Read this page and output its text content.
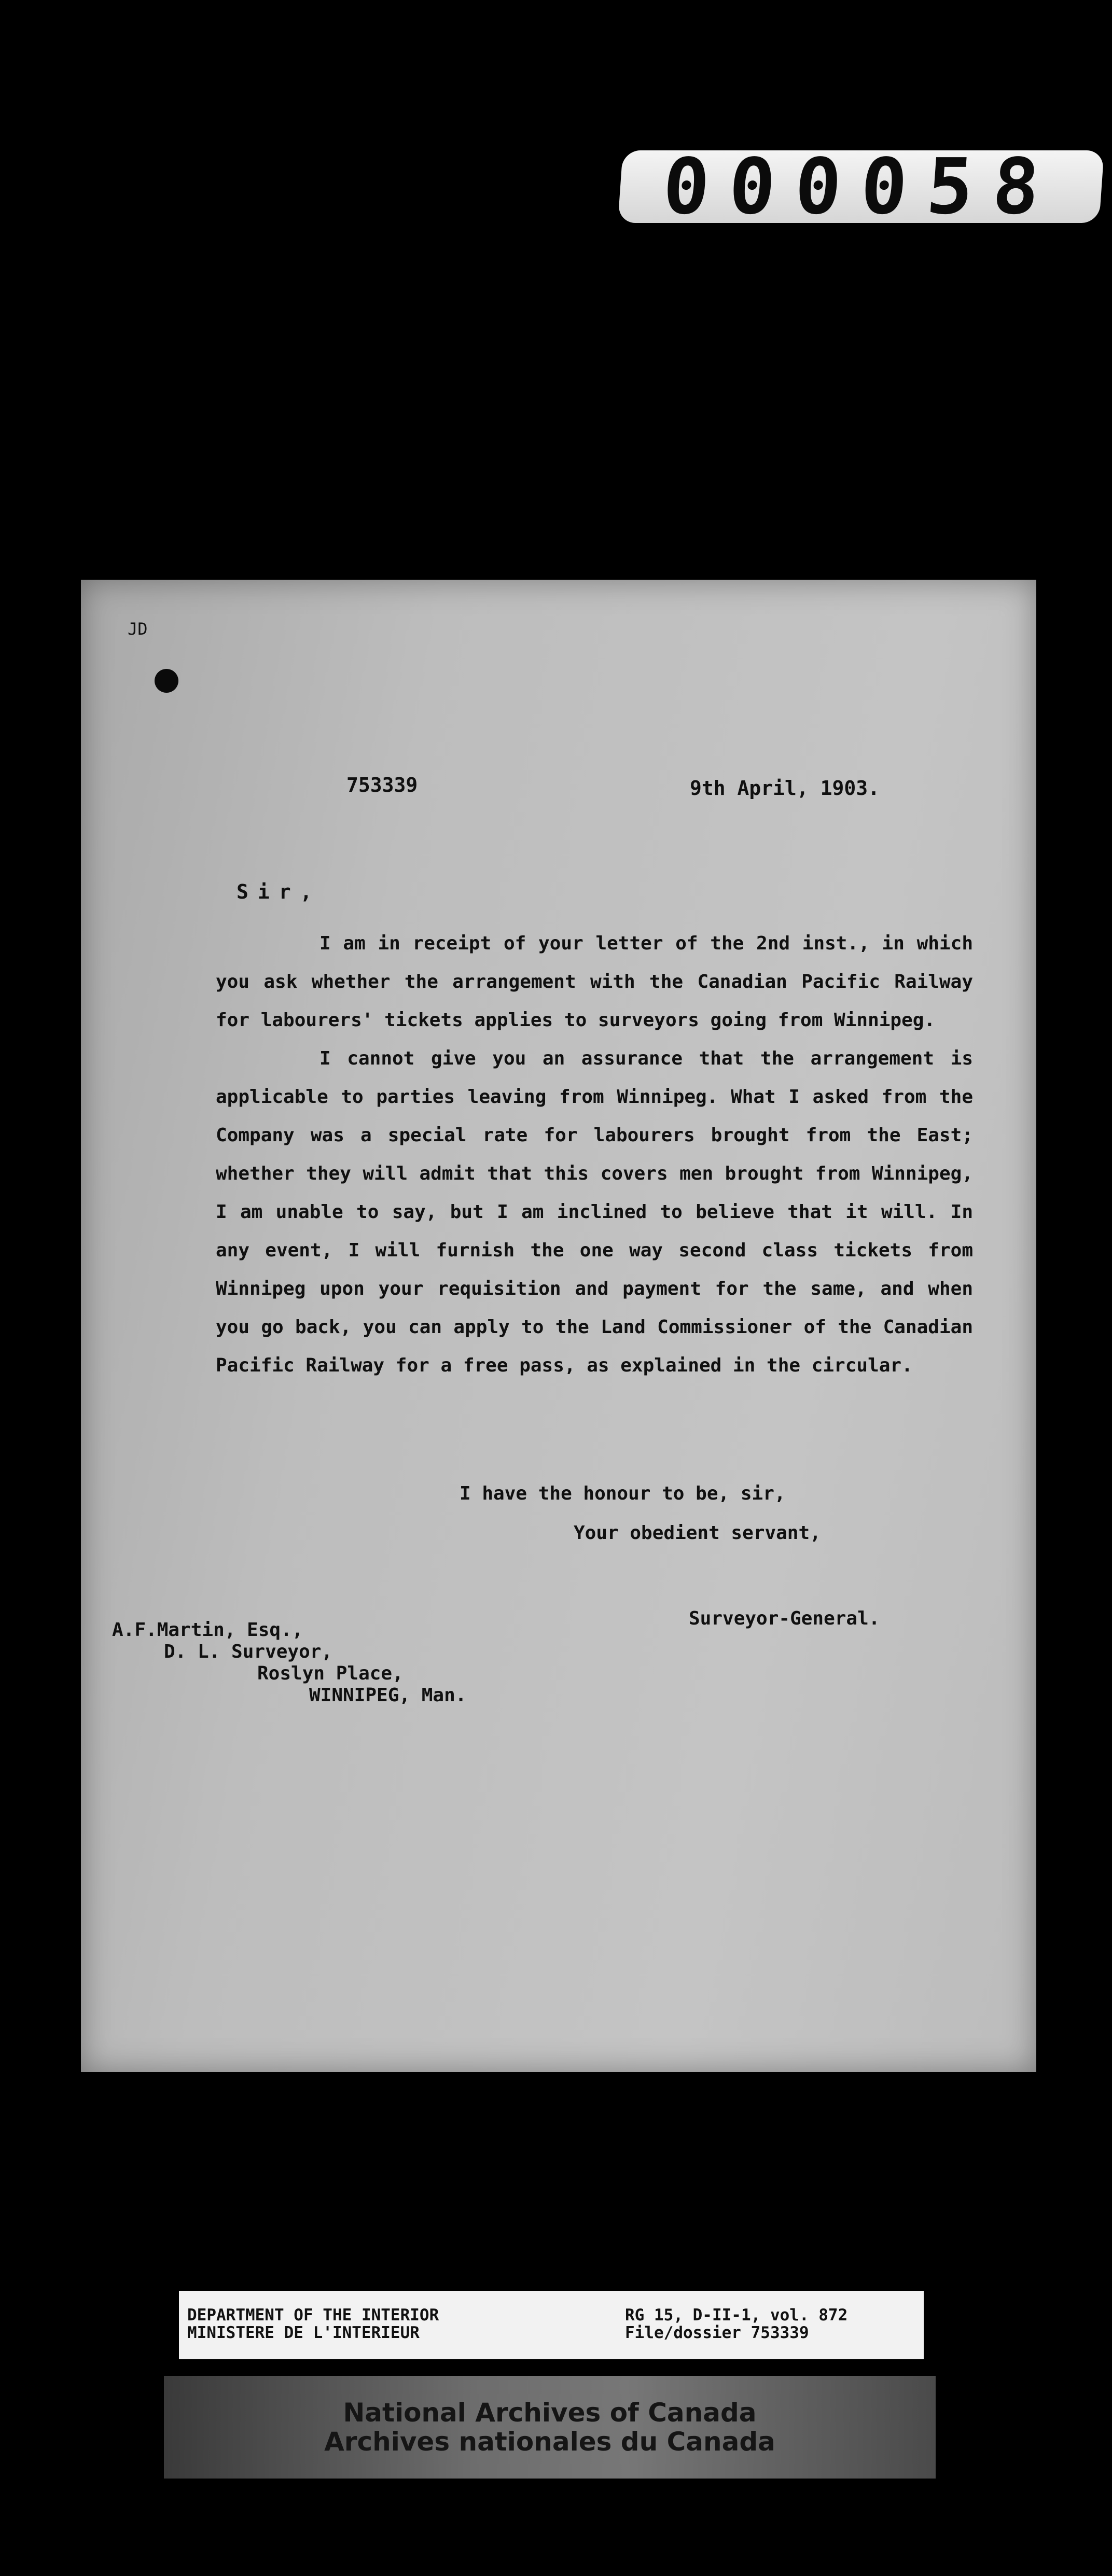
000058
JD
753339	9th April, 1903.
Sir,

I am in receipt of your letter of the 2nd inst., in which you ask whether the arrangement with the Canadian Pacific Railway for labourers' tickets applies to surveyors going from Winnipeg.

I cannot give you an assurance that the arrangement is applicable to parties leaving from Winnipeg. What I asked from the Company was a special rate for labourers brought from the East; whether they will admit that this covers men brought from Winnipeg, I am unable to say, but I am inclined to believe that it will. In any event, I will furnish the one way second class tickets from Winnipeg upon your requisition and payment for the same, and when you go back, you can apply to the Land Commissioner of the Canadian Pacific Railway for a free pass, as explained in the circular.

I have the honour to be, sir,
Your obedient servant,
Surveyor-General.
A.F.Martin, Esq.,
D. L. Surveyor,
Roslyn Place,
WINNIPEG, Man.
DEPARTMENT OF THE INTERIOR
MINISTERE DE L'INTERIEUR
RG 15, D-II-1, vol. 872
File/dossier 753339
National Archives of Canada
Archives nationales du Canada
